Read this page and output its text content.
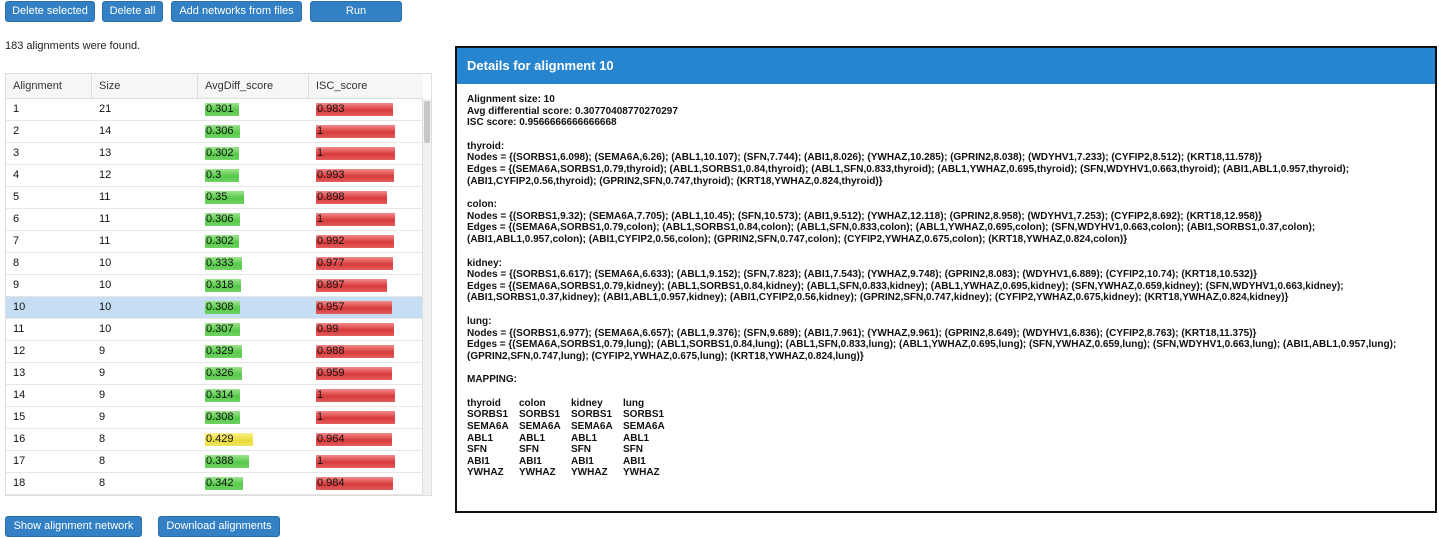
Delete selected	Delete all	Add networks from files	Run GASOLINE
183 alignments were found.
Alignment	Size	AvgDiff_score	ISC_score
1	21	0.301	0.983
2	14	0.306	1
3	13	0.302	1
4	12	0.3	0.993
5	11	0.35	0.898
6	11	0.306	1
7	11	0.302	0.992
8	10	0.333	0.977
9	10	0.318	0.897
10	10	0.308	0.957
11	10	0.307	0.99
12	9	0.329	0.988
13	9	0.326	0.959
14	9	0.314	1
15	9	0.308	1
16	8	0.429	0.964
17	8	0.388	1
18	8	0.342	0.984
Show alignment network	Download alignments
Details for alignment 10
Alignment size: 10
Avg differential score: 0.30770408770270297
ISC score: 0.9566666666666668
thyroid:
Nodes = {(SORBS1,6.098); (SEMA6A,6.26); (ABL1,10.107); (SFN,7.744); (ABI1,8.026); (YWHAZ,10.285); (GPRIN2,8.038); (WDYHV1,7.233); (CYFIP2,8.512); (KRT18,11.578)}
Edges = {(SEMA6A,SORBS1,0.79,thyroid); (ABL1,SORBS1,0.84,thyroid); (ABL1,SFN,0.833,thyroid); (ABL1,YWHAZ,0.695,thyroid); (SFN,WDYHV1,0.663,thyroid); (ABI1,ABL1,0.957,thyroid);
(ABI1,CYFIP2,0.56,thyroid); (GPRIN2,SFN,0.747,thyroid); (KRT18,YWHAZ,0.824,thyroid)}
colon:
Nodes = {(SORBS1,9.32); (SEMA6A,7.705); (ABL1,10.45); (SFN,10.573); (ABI1,9.512); (YWHAZ,12.118); (GPRIN2,8.958); (WDYHV1,7.253); (CYFIP2,8.692); (KRT18,12.958)}
Edges = {(SEMA6A,SORBS1,0.79,colon); (ABL1,SORBS1,0.84,colon); (ABL1,SFN,0.833,colon); (ABL1,YWHAZ,0.695,colon); (SFN,WDYHV1,0.663,colon); (ABI1,SORBS1,0.37,colon);
(ABI1,ABL1,0.957,colon); (ABI1,CYFIP2,0.56,colon); (GPRIN2,SFN,0.747,colon); (CYFIP2,YWHAZ,0.675,colon); (KRT18,YWHAZ,0.824,colon)}
kidney:
Nodes = {(SORBS1,6.617); (SEMA6A,6.633); (ABL1,9.152); (SFN,7.823); (ABI1,7.543); (YWHAZ,9.748); (GPRIN2,8.083); (WDYHV1,6.889); (CYFIP2,10.74); (KRT18,10.532)}
Edges = {(SEMA6A,SORBS1,0.79,kidney); (ABL1,SORBS1,0.84,kidney); (ABL1,SFN,0.833,kidney); (ABL1,YWHAZ,0.695,kidney); (SFN,YWHAZ,0.659,kidney); (SFN,WDYHV1,0.663,kidney);
(ABI1,SORBS1,0.37,kidney); (ABI1,ABL1,0.957,kidney); (ABI1,CYFIP2,0.56,kidney); (GPRIN2,SFN,0.747,kidney); (CYFIP2,YWHAZ,0.675,kidney); (KRT18,YWHAZ,0.824,kidney)}
lung:
Nodes = {(SORBS1,6.977); (SEMA6A,6.657); (ABL1,9.376); (SFN,9.689); (ABI1,7.961); (YWHAZ,9.961); (GPRIN2,8.649); (WDYHV1,6.836); (CYFIP2,8.763); (KRT18,11.375)}
Edges = {(SEMA6A,SORBS1,0.79,lung); (ABL1,SORBS1,0.84,lung); (ABL1,SFN,0.833,lung); (ABL1,YWHAZ,0.695,lung); (SFN,YWHAZ,0.659,lung); (SFN,WDYHV1,0.663,lung); (ABI1,ABL1,0.957,lung);
(GPRIN2,SFN,0.747,lung); (CYFIP2,YWHAZ,0.675,lung); (KRT18,YWHAZ,0.824,lung)}
MAPPING:
thyroid colon	kidney lung
SORBS1 SORBS1 SORBS1 SORBS1
SEMA6A SEMA6A SEMA6A SEMA6A
ABL1	ABL1	ABL1	ABL1
SFN	SFN	SFN	SFN
ABI1	ABI1	ABI1	ABI1
YWHAZ YWHAZ YWHAZ YWHAZ
